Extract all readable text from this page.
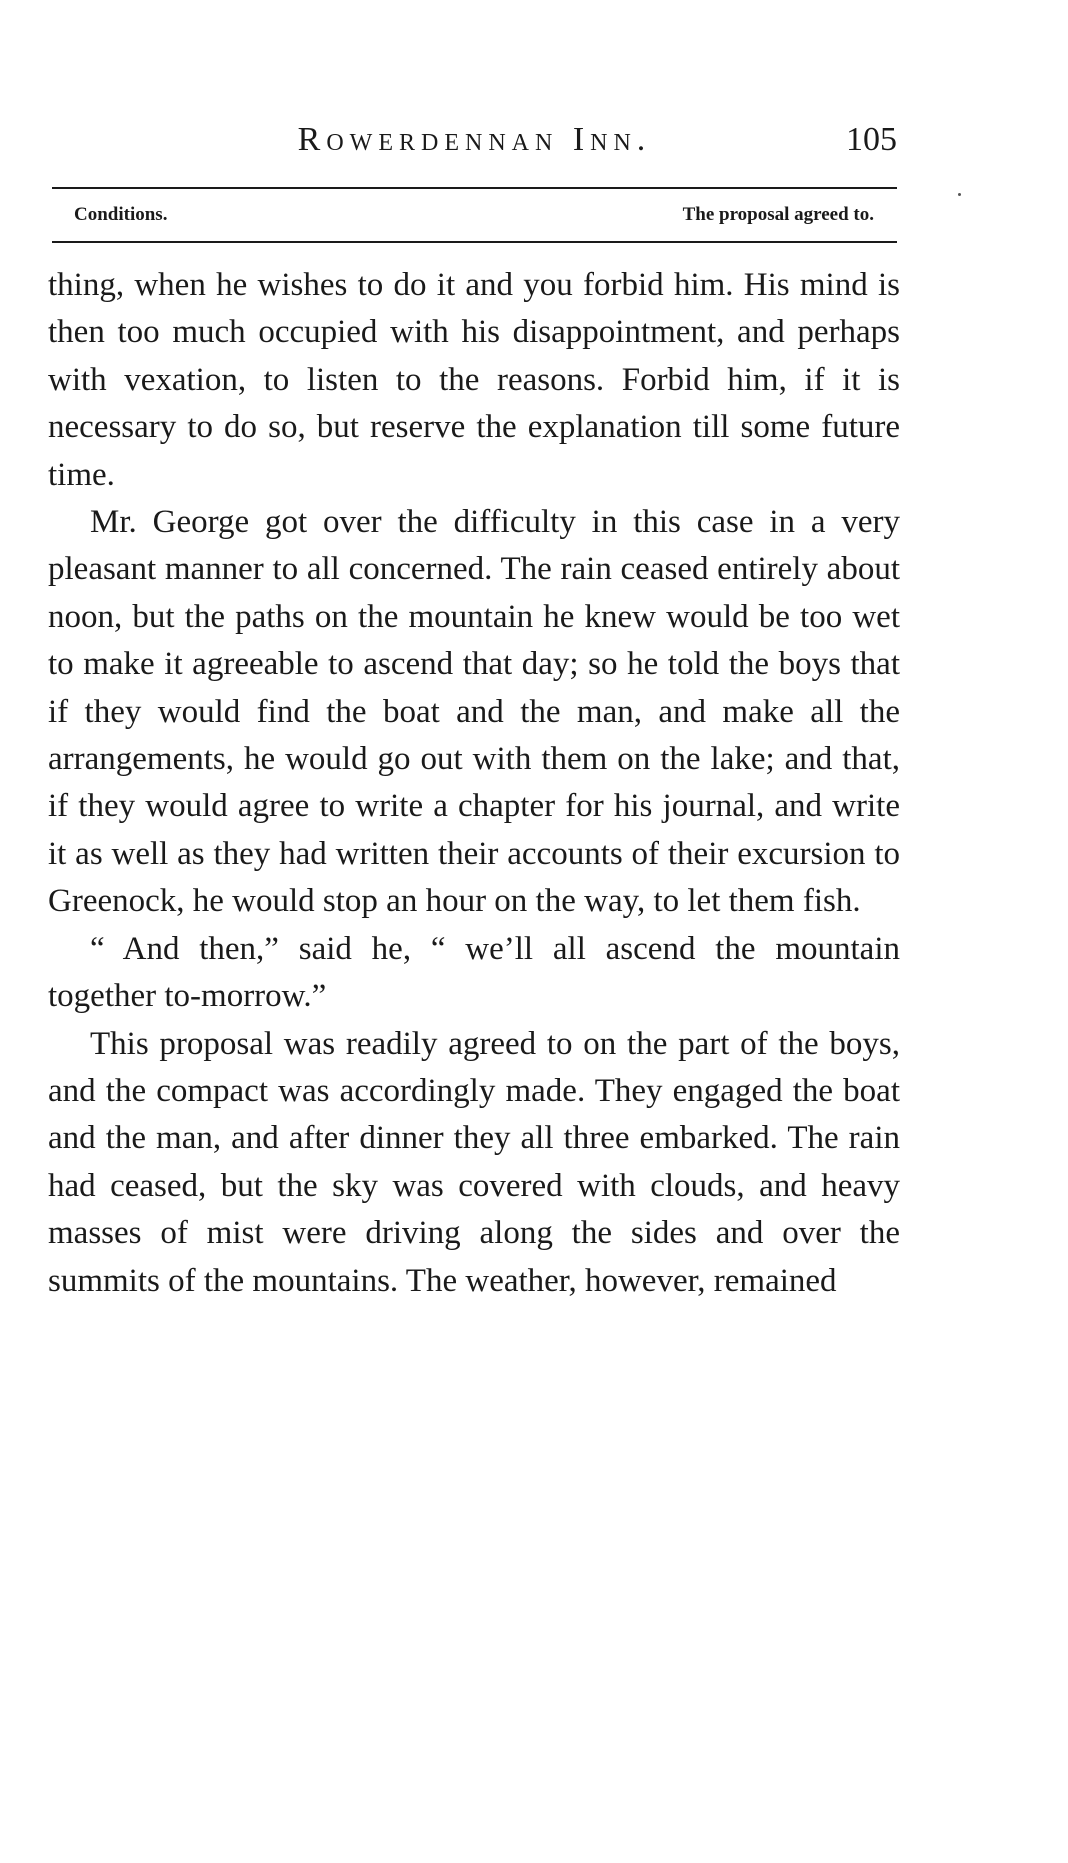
Rowerdennan Inn.	105
Conditions.	The proposal agreed to.

thing, when he wishes to do it and you forbid him. His mind is then too much occupied with his disappointment, and perhaps with vexation, to listen to the reasons. Forbid him, if it is necessary to do so, but reserve the explanation till some future time.

Mr. George got over the difficulty in this case in a very pleasant manner to all concerned. The rain ceased entirely about noon, but the paths on the mountain he knew would be too wet to make it agreeable to ascend that day; so he told the boys that if they would find the boat and the man, and make all the arrangements, he would go out with them on the lake; and that, if they would agree to write a chapter for his journal, and write it as well as they had written their accounts of their excursion to Greenock, he would stop an hour on the way, to let them fish.

“ And then,” said he, “ we’ll all ascend the mountain together to-morrow.”

This proposal was readily agreed to on the part of the boys, and the compact was accordingly made. They engaged the boat and the man, and after dinner they all three embarked. The rain had ceased, but the sky was covered with clouds, and heavy masses of mist were driving along the sides and over the summits of the mountains. The weather, however, remained
